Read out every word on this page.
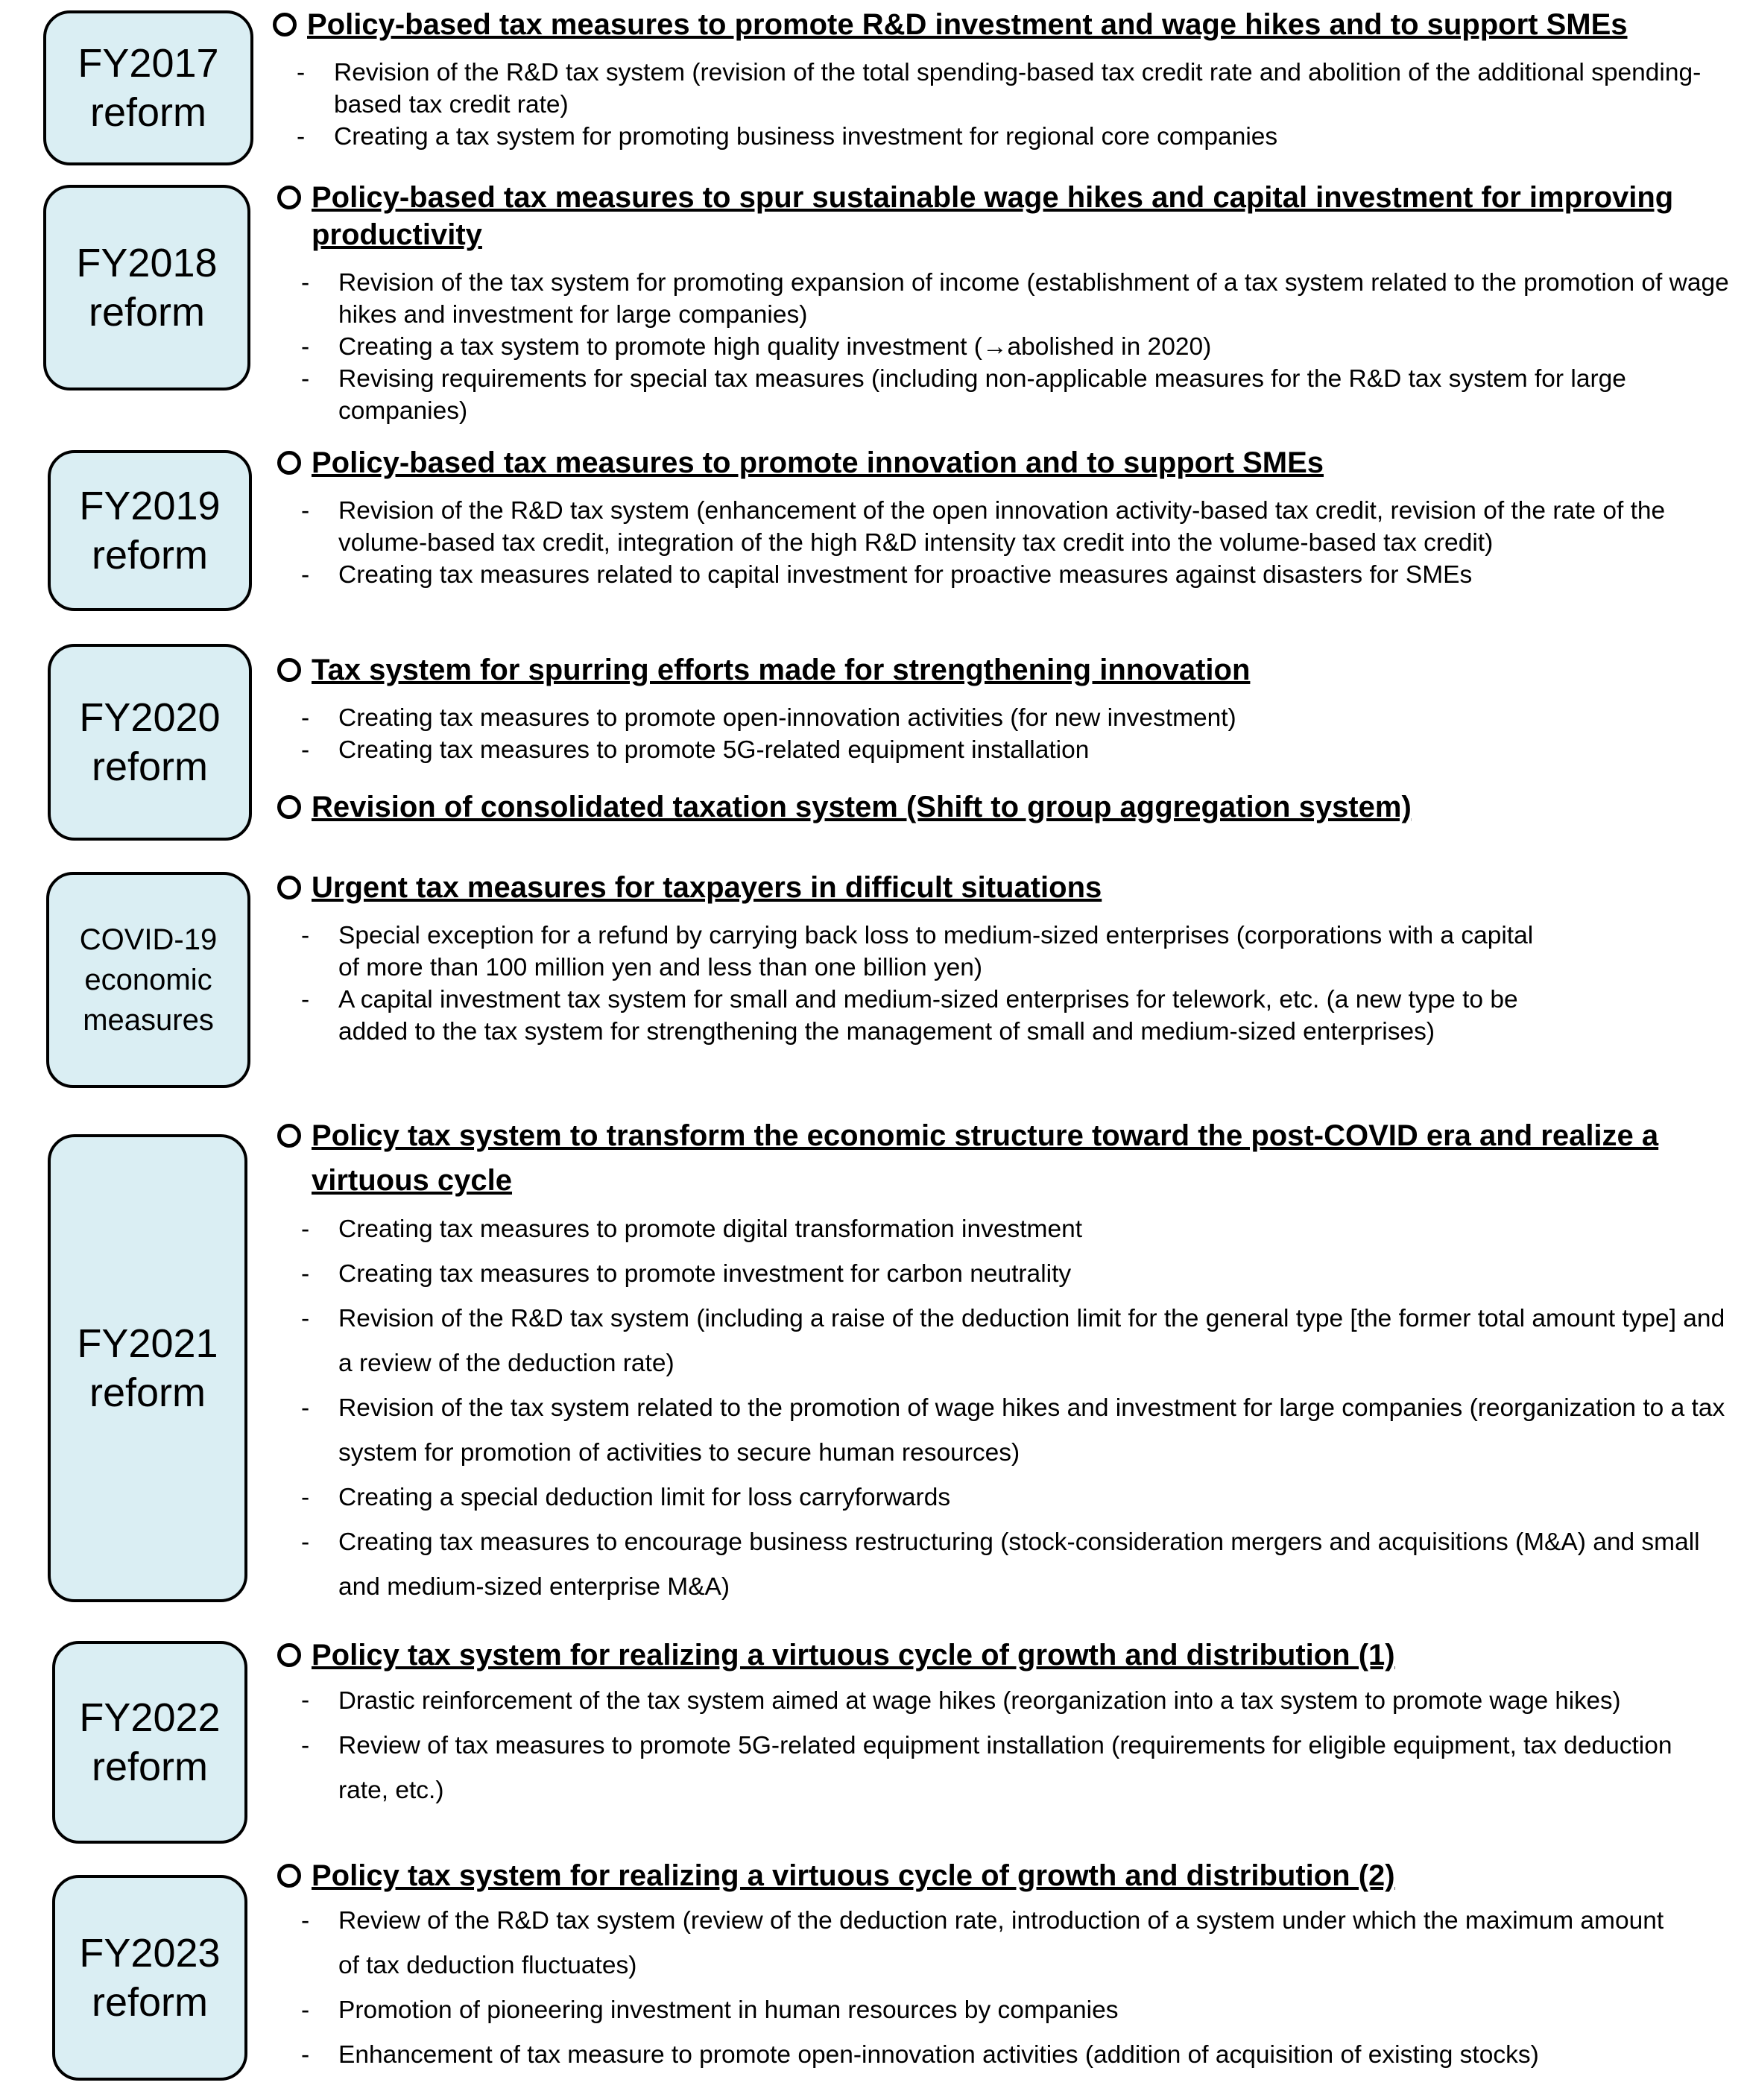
FY2017
reform

Policy-based tax measures to promote R&D investment and wage hikes and to support SMEs

- Revision of the R&D tax system (revision of the total spending-based tax credit rate and abolition of the additional spending-based tax credit rate)
- Creating a tax system for promoting business investment for regional core companies
FY2018
reform

Policy-based tax measures to spur sustainable wage hikes and capital investment for improving productivity

- Revision of the tax system for promoting expansion of income (establishment of a tax system related to the promotion of wage hikes and investment for large companies)
- Creating a tax system to promote high quality investment (→abolished in 2020)
- Revising requirements for special tax measures (including non-applicable measures for the R&D tax system for large companies)
FY2019
reform

Policy-based tax measures to promote innovation and to support SMEs

- Revision of the R&D tax system (enhancement of the open innovation activity-based tax credit, revision of the rate of the volume-based tax credit, integration of the high R&D intensity tax credit into the volume-based tax credit)
- Creating tax measures related to capital investment for proactive measures against disasters for SMEs
FY2020
reform

Tax system for spurring efforts made for strengthening innovation

- Creating tax measures to promote open-innovation activities (for new investment)
- Creating tax measures to promote 5G-related equipment installation

Revision of consolidated taxation system (Shift to group aggregation system)

COVID-19
economic
measures

Urgent tax measures for taxpayers in difficult situations

- Special exception for a refund by carrying back loss to medium-sized enterprises (corporations with a capital of more than 100 million yen and less than one billion yen)
- A capital investment tax system for small and medium-sized enterprises for telework, etc. (a new type to be added to the tax system for strengthening the management of small and medium-sized enterprises)
FY2021
reform

Policy tax system to transform the economic structure toward the post-COVID era and realize a virtuous cycle

- Creating tax measures to promote digital transformation investment
- Creating tax measures to promote investment for carbon neutrality
- Revision of the R&D tax system (including a raise of the deduction limit for the general type [the former total amount type] and a review of the deduction rate)
- Revision of the tax system related to the promotion of wage hikes and investment for large companies (reorganization to a tax system for promotion of activities to secure human resources)
- Creating a special deduction limit for loss carryforwards
- Creating tax measures to encourage business restructuring (stock-consideration mergers and acquisitions (M&A) and small and medium-sized enterprise M&A)
FY2022
reform

Policy tax system for realizing a virtuous cycle of growth and distribution (1)

- Drastic reinforcement of the tax system aimed at wage hikes (reorganization into a tax system to promote wage hikes)
- Review of tax measures to promote 5G-related equipment installation (requirements for eligible equipment, tax deduction rate, etc.)
FY2023
reform

Policy tax system for realizing a virtuous cycle of growth and distribution (2)

- Review of the R&D tax system (review of the deduction rate, introduction of a system under which the maximum amount of tax deduction fluctuates)
- Promotion of pioneering investment in human resources by companies
- Enhancement of tax measure to promote open-innovation activities (addition of acquisition of existing stocks)
